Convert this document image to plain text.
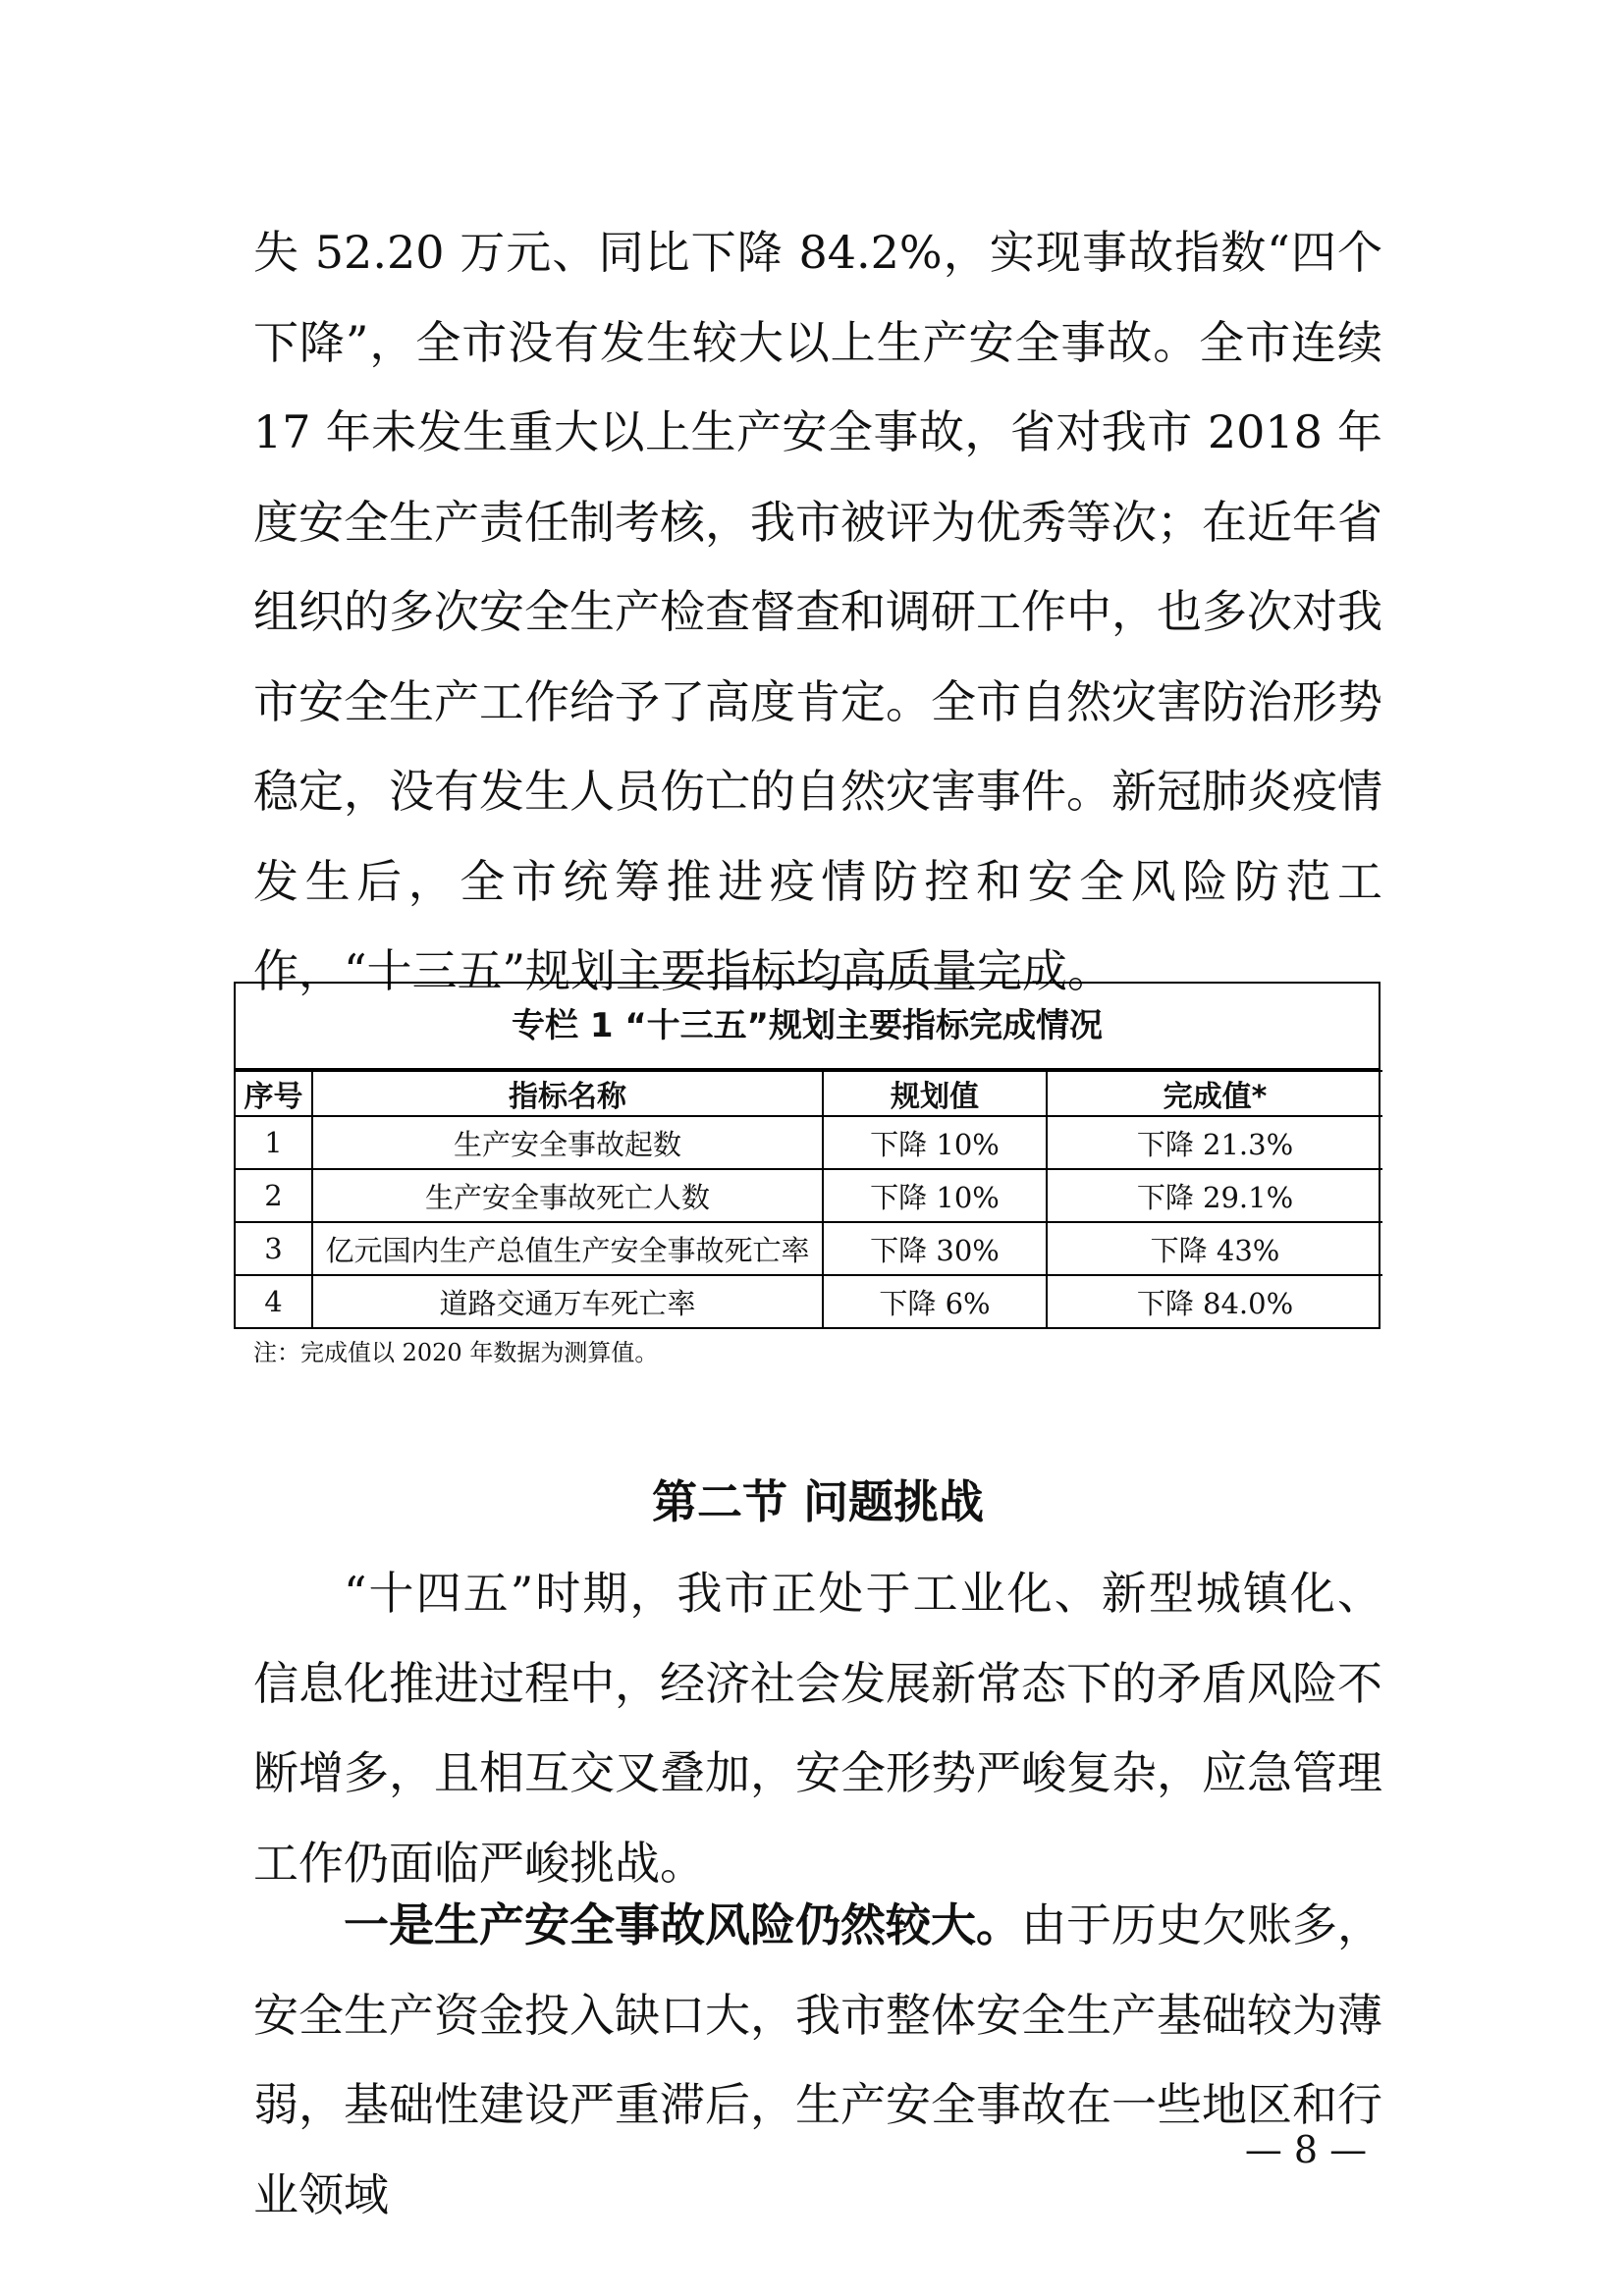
失 52.20 万元、同比下降 84.2%，实现事故指数“四个下降”，全市没有发生较大以上生产安全事故。全市连续 17 年未发生重大以上生产安全事故，省对我市 2018 年度安全生产责任制考核，我市被评为优秀等次；在近年省组织的多次安全生产检查督查和调研工作中，也多次对我市安全生产工作给予了高度肯定。全市自然灾害防治形势稳定，没有发生人员伤亡的自然灾害事件。新冠肺炎疫情发生后，全市统筹推进疫情防控和安全风险防范工作，“十三五”规划主要指标均高质量完成。

专栏 1 “十三五”规划主要指标完成情况
序号	指标名称	规划值	完成值*
1	生产安全事故起数	下降 10%	下降 21.3%
2	生产安全事故死亡人数	下降 10%	下降 29.1%
3	亿元国内生产总值生产安全事故死亡率	下降 30%	下降 43%
4	道路交通万车死亡率	下降 6%	下降 84.0%
注：完成值以 2020 年数据为测算值。
第二节 问题挑战

“十四五”时期，我市正处于工业化、新型城镇化、信息化推进过程中，经济社会发展新常态下的矛盾风险不断增多，且相互交叉叠加，安全形势严峻复杂，应急管理工作仍面临严峻挑战。

一是生产安全事故风险仍然较大。由于历史欠账多，安全生产资金投入缺口大，我市整体安全生产基础较为薄弱，基础性建设严重滞后，生产安全事故在一些地区和行业领域

— 8 —
